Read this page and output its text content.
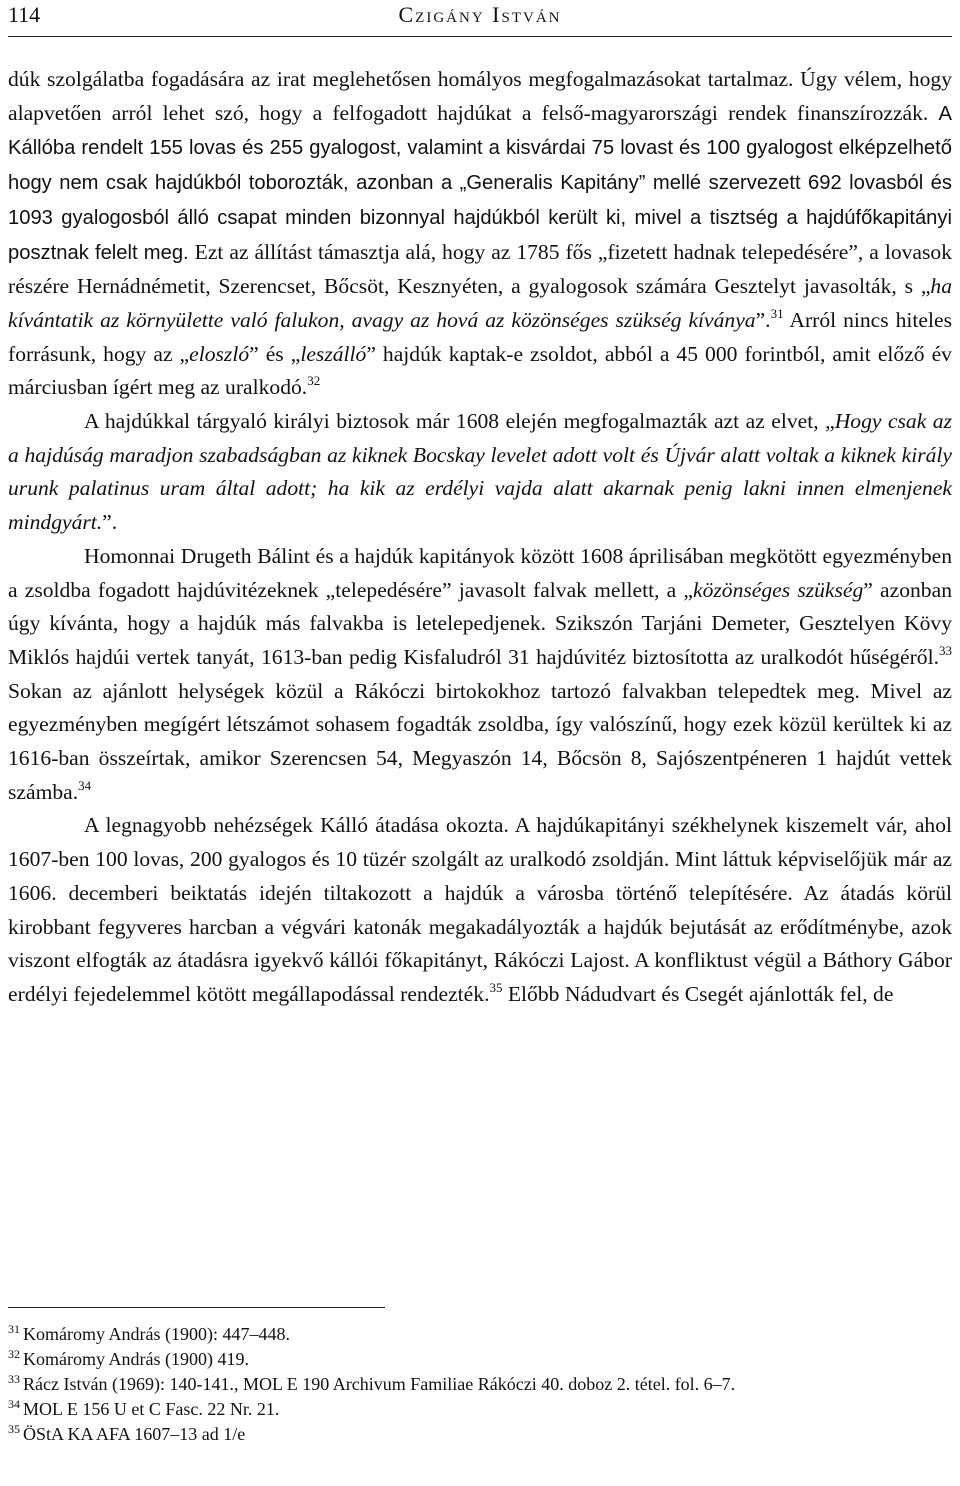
114	Czigány István

dúk szolgálatba fogadására az irat meglehetősen homályos megfogalmazásokat tartalmaz. Úgy vélem, hogy alapvetően arról lehet szó, hogy a felfogadott hajdúkat a felső-magyarországi rendek finanszírozzák. A Kállóba rendelt 155 lovas és 255 gyalogost, valamint a kisvárdai 75 lovast és 100 gyalogost elképzelhető hogy nem csak hajdúkból toborozták, azonban a „Generalis Kapitány” mellé szervezett 692 lovasból és 1093 gyalogosból álló csapat minden bizonnyal hajdúkból került ki, mivel a tisztség a hajdúfőkapitányi posztnak felelt meg. Ezt az állítást támasztja alá, hogy az 1785 fős „fizetett hadnak telepedésére”, a lovasok részére Hernádnémetit, Szerencset, Bőcsöt, Kesznyéten, a gyalogosok számára Gesztelyt javasolták, s „ha kívántatik az környülette való falukon, avagy az hová az közönséges szükség kíványa”.$^{31}$ Arról nincs hiteles forrásunk, hogy az „eloszló” és „leszálló” hajdúk kaptak-e zsoldot, abból a 45 000 forintból, amit előző év márciusban ígért meg az uralkodó.$^{32}$

A hajdúkkal tárgyaló királyi biztosok már 1608 elején megfogalmazták azt az elvet, „Hogy csak az a hajdúság maradjon szabadságban az kiknek Bocskay levelet adott volt és Újvár alatt voltak a kiknek király urunk palatinus uram által adott; ha kik az erdélyi vajda alatt akarnak penig lakni innen elmenjenek mindgyárt.”.

Homonnai Drugeth Bálint és a hajdúk kapitányok között 1608 áprilisában megkötött egyezményben a zsoldba fogadott hajdúvitézeknek „telepedésére” javasolt falvak mellett, a „közönséges szükség” azonban úgy kívánta, hogy a hajdúk más falvakba is letelepedjenek. Szikszón Tarjáni Demeter, Gesztelyen Kövy Miklós hajdúi vertek tanyát, 1613-ban pedig Kisfaludról 31 hajdúvitéz biztosította az uralkodót hűségéről.$^{33}$ Sokan az ajánlott helységek közül a Rákóczi birtokokhoz tartozó falvakban telepedtek meg. Mivel az egyezményben megígért létszámot sohasem fogadták zsoldba, így valószínű, hogy ezek közül kerültek ki az 1616-ban összeírtak, amikor Szerencsen 54, Megyaszón 14, Bőcsön 8, Sajószentpéneren 1 hajdút vettek számba.$^{34}$

A legnagyobb nehézségek Kálló átadása okozta. A hajdúkapitányi székhelynek kiszemelt vár, ahol 1607-ben 100 lovas, 200 gyalogos és 10 tüzér szolgált az uralkodó zsoldján. Mint láttuk képviselőjük már az 1606. decemberi beiktatás idején tiltakozott a hajdúk a városba történő telepítésére. Az átadás körül kirobbant fegyveres harcban a végvári katonák megakadályozták a hajdúk bejutását az erődítménybe, azok viszont elfogták az átadásra igyekvő kállói főkapitányt, Rákóczi Lajost. A konfliktust végül a Báthory Gábor erdélyi fejedelemmel kötött megállapodással rendezték.$^{35}$ Előbb Nádudvart és Csegét ajánlották fel, de

$^{31}$ Komáromy András (1900): 447–448.

$^{32}$ Komáromy András (1900) 419.

$^{33}$ Rácz István (1969): 140-141., MOL E 190 Archivum Familiae Rákóczi 40. doboz 2. tétel. fol. 6–7.

$^{34}$ MOL E 156 U et C Fasc. 22 Nr. 21.

$^{35}$ ÖStA KA AFA 1607–13 ad 1/e
